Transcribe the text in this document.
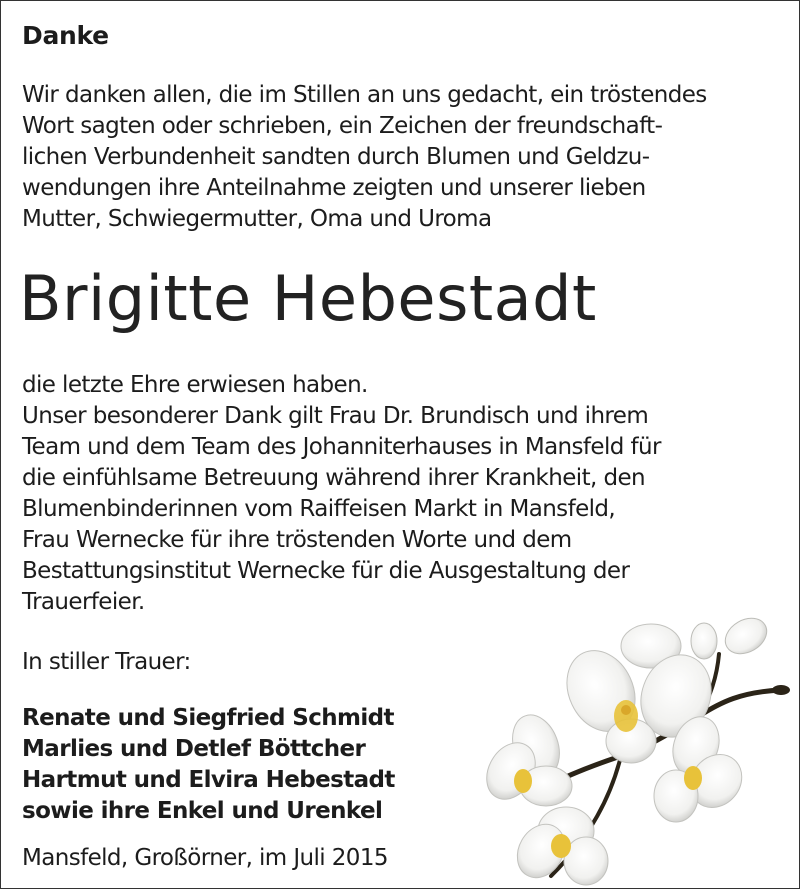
Danke
Wir danken allen, die im Stillen an uns gedacht, ein tröstendes
Wort sagten oder schrieben, ein Zeichen der freundschaft-
lichen Verbundenheit sandten durch Blumen und Geldzu-
wendungen ihre Anteilnahme zeigten und unserer lieben
Mutter, Schwiegermutter, Oma und Uroma
Brigitte Hebestadt
die letzte Ehre erwiesen haben.
Unser besonderer Dank gilt Frau Dr. Brundisch und ihrem
Team und dem Team des Johanniterhauses in Mansfeld für
die einfühlsame Betreuung während ihrer Krankheit, den
Blumenbinderinnen vom Raiffeisen Markt in Mansfeld,
Frau Wernecke für ihre tröstenden Worte und dem
Bestattungsinstitut Wernecke für die Ausgestaltung der
Trauerfeier.
In stiller Trauer:
Renate und Siegfried Schmidt
Marlies und Detlef Böttcher
Hartmut und Elvira Hebestadt
sowie ihre Enkel und Urenkel
Mansfeld, Großörner, im Juli 2015
